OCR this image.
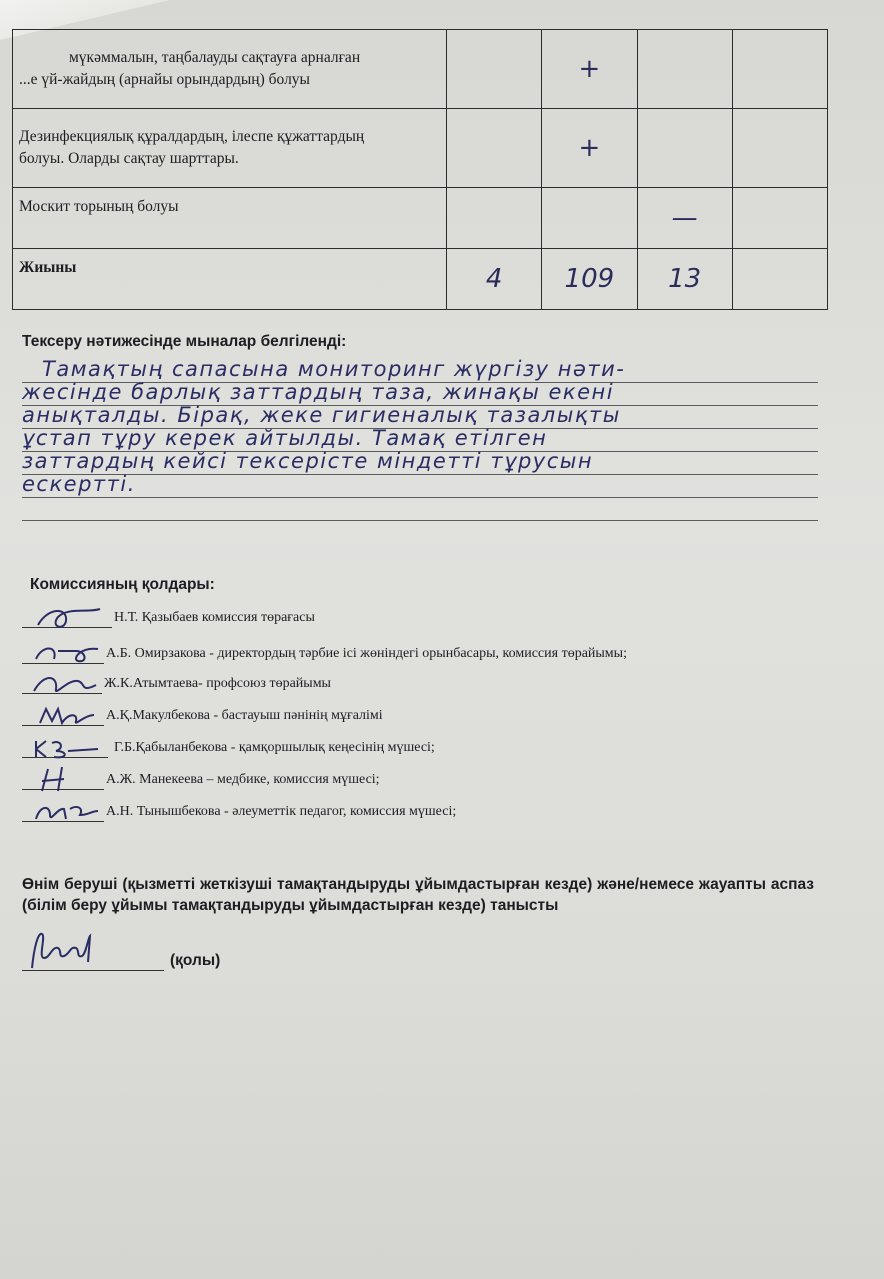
мүкәммалын, таңбалауды сақтауға арналған
...е үй-жайдың (арнайы орындардың) болуы		+		

Дезинфекциялық құралдардың, ілеспе құжаттардың
болуы. Оларды сақтау шарттары.		+		
Москит торының болуы			—	
Жиыны	4	109	13	
Тексеру нәтижесінде мыналар белгіленді:
Тамақтың сапасына мониторинг жүргізу нәти-
жесінде барлық заттардың таза, жинақы екені
анықталды. Бірақ, жеке гигиеналық тазалықты
ұстап тұру керек айтылды. Тамақ етілген
заттардың кейсі тексерісте міндетті тұрусын
ескертті.
Комиссияның қолдары:
Н.Т. Қазыбаев комиссия төрағасы
А.Б. Омирзакова - директордың тәрбие ісі жөніндегі орынбасары, комиссия төрайымы;
Ж.К.Атымтаева- профсоюз төрайымы
А.Қ.Макулбекова - бастауыш пәнінің мұғалімі
Г.Б.Қабыланбекова - қамқоршылық кеңесінің мүшесі;
А.Ж. Манекеева – медбике, комиссия мүшесі;
А.Н. Тынышбекова - әлеуметтік педагог, комиссия мүшесі;
Өнім беруші (қызметті жеткізуші тамақтандыруды ұйымдастырған кезде) және/немесе жауапты аспаз (білім беру ұйымы тамақтандыруды ұйымдастырған кезде) танысты
(қолы)
